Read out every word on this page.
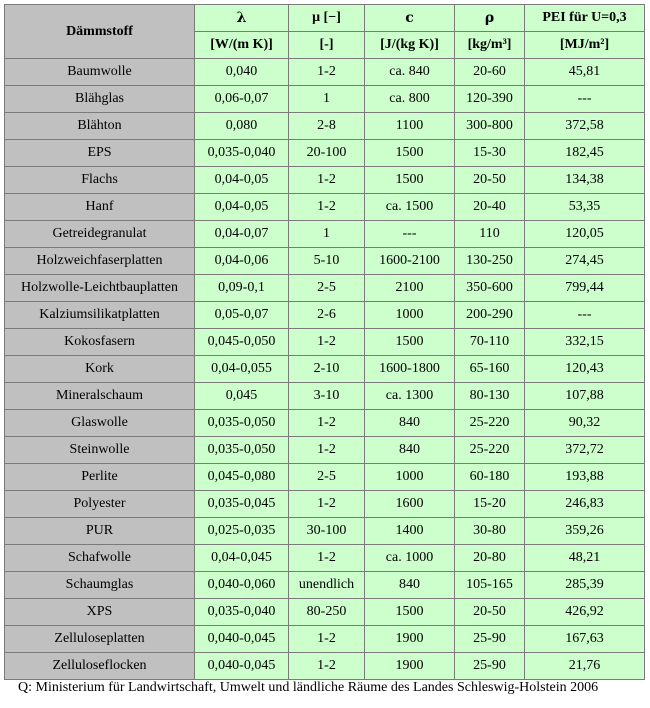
Dämmstoff	λ	μ [−]	c	ρ	PEI für U=0,3
	[W/(m K)]	[-]	[J/(kg K)]	[kg/m³]	[MJ/m²]
Baumwolle	0,040	1-2	ca. 840	20-60	45,81
Blähglas	0,06-0,07	1	ca. 800	120-390	---
Blähton	0,080	2-8	1100	300-800	372,58
EPS	0,035-0,040	20-100	1500	15-30	182,45
Flachs	0,04-0,05	1-2	1500	20-50	134,38
Hanf	0,04-0,05	1-2	ca. 1500	20-40	53,35
Getreidegranulat	0,04-0,07	1	---	110	120,05
Holzweichfaserplatten	0,04-0,06	5-10	1600-2100	130-250	274,45
Holzwolle-Leichtbauplatten	0,09-0,1	2-5	2100	350-600	799,44
Kalziumsilikatplatten	0,05-0,07	2-6	1000	200-290	---
Kokosfasern	0,045-0,050	1-2	1500	70-110	332,15
Kork	0,04-0,055	2-10	1600-1800	65-160	120,43
Mineralschaum	0,045	3-10	ca. 1300	80-130	107,88
Glaswolle	0,035-0,050	1-2	840	25-220	90,32
Steinwolle	0,035-0,050	1-2	840	25-220	372,72
Perlite	0,045-0,080	2-5	1000	60-180	193,88
Polyester	0,035-0,045	1-2	1600	15-20	246,83
PUR	0,025-0,035	30-100	1400	30-80	359,26
Schafwolle	0,04-0,045	1-2	ca. 1000	20-80	48,21
Schaumglas	0,040-0,060	unendlich	840	105-165	285,39
XPS	0,035-0,040	80-250	1500	20-50	426,92
Zelluloseplatten	0,040-0,045	1-2	1900	25-90	167,63
Zelluloseflocken	0,040-0,045	1-2	1900	25-90	21,76
Q: Ministerium für Landwirtschaft, Umwelt und ländliche Räume des Landes Schleswig-Holstein 2006
